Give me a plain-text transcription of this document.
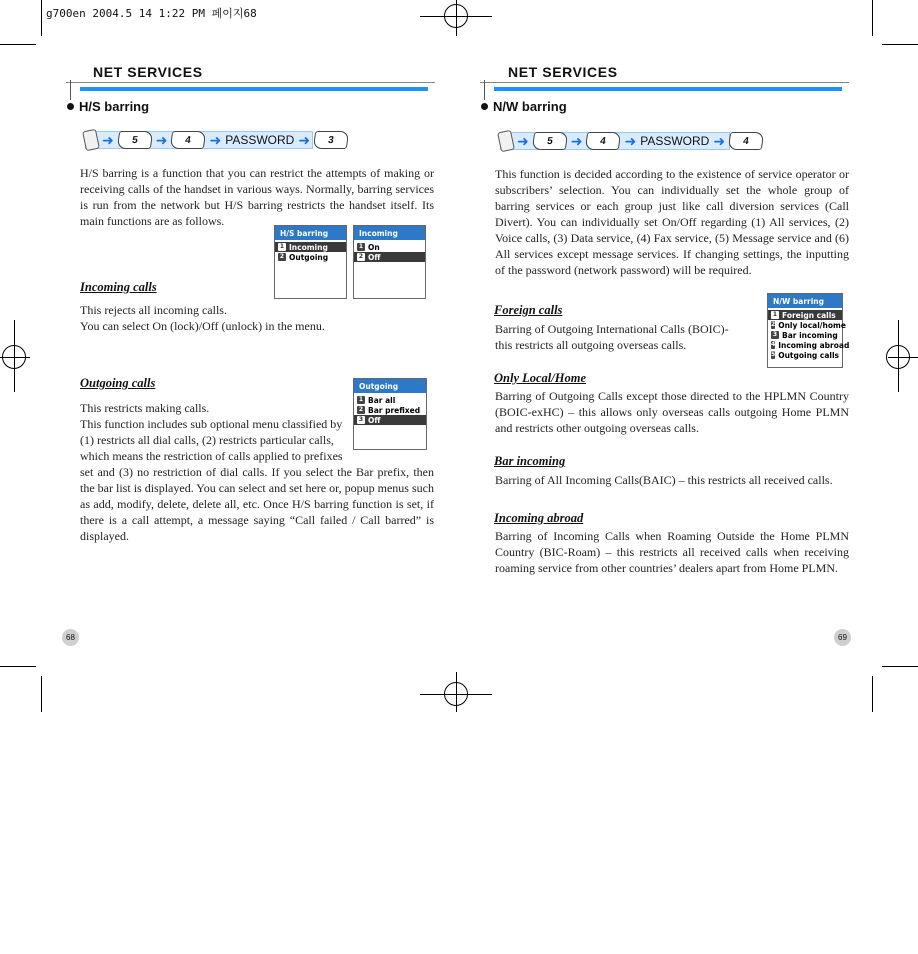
g700en 2004.5 14 1:22 PM 페이지68
NET SERVICES
H/S barring
➜	5	➜	4	➜ PASSWORD ➜	3
H/S barring is a function that you can restrict the attempts of making or receiving calls of the handset in various ways. Normally, barring services is run from the network but H/S barring restricts the handset itself. Its main functions are as follows.
H/S barring
1 Incoming
2 Outgoing
Incoming
1 On
2 Off
Incoming calls
This rejects all incoming calls.
You can select On (lock)/Off (unlock) in the menu.
Outgoing
1 Bar all
2 Bar prefixed
3 Off
Outgoing calls
This restricts making calls.
This function includes sub optional menu classified by
(1) restricts all dial calls, (2) restricts particular calls,
which means the restriction of calls applied to prefixes
set and (3) no restriction of dial calls. If you select the Bar prefix, then the bar list is displayed. You can select and set here or, popup menus such as add, modify, delete, delete all, etc. Once H/S barring function is set, if there is a call attempt, a message saying “Call failed / Call barred” is displayed.
68
NET SERVICES
N/W barring
➜	5	➜	4	➜ PASSWORD ➜	4
This function is decided according to the existence of service operator or subscribers’ selection. You can individually set the whole group of barring services or each group just like call diversion services (Call Divert). You can individually set On/Off regarding (1) All services, (2) Voice calls, (3) Data service, (4) Fax service, (5) Message service and (6) All services except message services. If changing settings, the inputting of the password (network password) will be required.
N/W barring
1 Foreign calls
2 Only local/home
3 Bar incoming
4 Incoming abroad
5 Outgoing calls
Foreign calls
Barring of Outgoing International Calls (BOIC)-
this restricts all outgoing overseas calls.
Only Local/Home
Barring of Outgoing Calls except those directed to the HPLMN Country (BOIC-exHC) – this allows only overseas calls outgoing Home PLMN and restricts other outgoing overseas calls.
Bar incoming
Barring of All Incoming Calls(BAIC) – this restricts all received calls.
Incoming abroad
Barring of Incoming Calls when Roaming Outside the Home PLMN Country (BIC-Roam) – this restricts all received calls when receiving roaming service from other countries’ dealers apart from Home PLMN.
69
